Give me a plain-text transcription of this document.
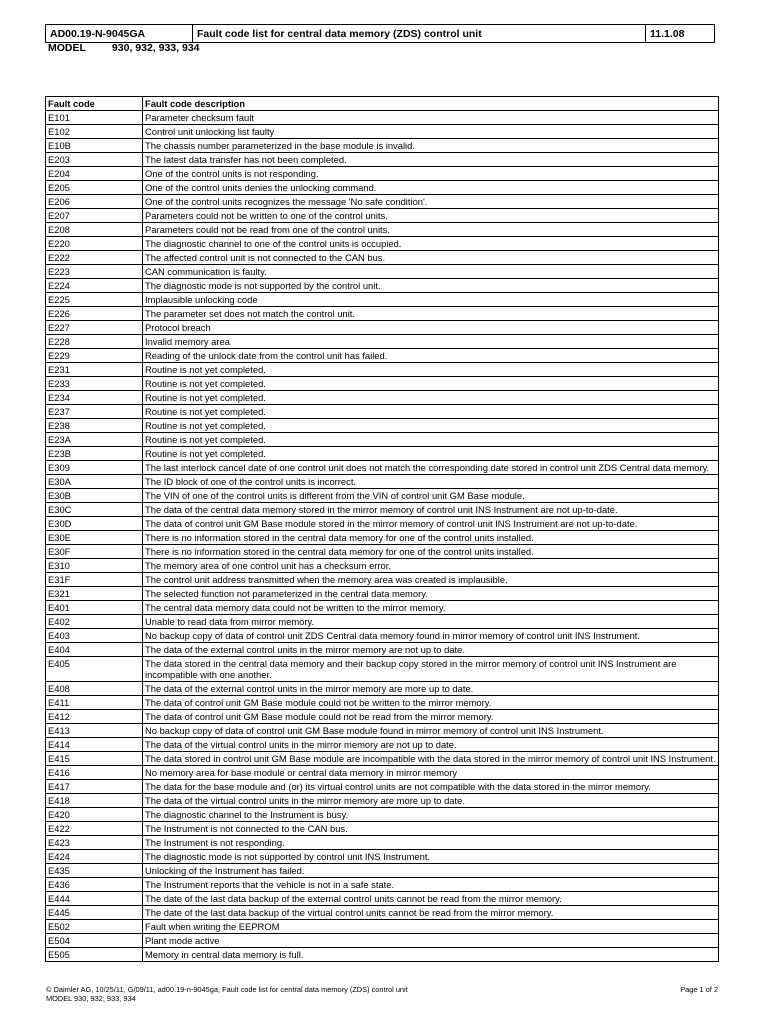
AD00.19-N-9045GA	Fault code list for central data memory (ZDS) control unit	11.1.08
MODEL 930, 932, 933, 934
Fault code	Fault code description
E101	Parameter checksum fault
E102	Control unit unlocking list faulty
E10B	The chassis number parameterized in the base module is invalid.
E203	The latest data transfer has not been completed.
E204	One of the control units is not responding.
E205	One of the control units denies the unlocking command.
E206	One of the control units recognizes the message 'No safe condition'.
E207	Parameters could not be written to one of the control units.
E208	Parameters could not be read from one of the control units.
E220	The diagnostic channel to one of the control units is occupied.
E222	The affected control unit is not connected to the CAN bus.
E223	CAN communication is faulty.
E224	The diagnostic mode is not supported by the control unit.
E225	Implausible unlocking code
E226	The parameter set does not match the control unit.
E227	Protocol breach
E228	Invalid memory area
E229	Reading of the unlock date from the control unit has failed.
E231	Routine is not yet completed.
E233	Routine is not yet completed.
E234	Routine is not yet completed.
E237	Routine is not yet completed.
E238	Routine is not yet completed.
E23A	Routine is not yet completed.
E23B	Routine is not yet completed.
E309	The last interlock cancel date of one control unit does not match the corresponding date stored in control unit ZDS Central data memory.
E30A	The ID block of one of the control units is incorrect.
E30B	The VIN of one of the control units is different from the VIN of control unit GM Base module.
E30C	The data of the central data memory stored in the mirror memory of control unit INS Instrument are not up-to-date.
E30D	The data of control unit GM Base module stored in the mirror memory of control unit INS Instrument are not up-to-date.
E30E	There is no information stored in the central data memory for one of the control units installed.
E30F	There is no information stored in the central data memory for one of the control units installed.
E310	The memory area of one control unit has a checksum error.
E31F	The control unit address transmitted when the memory area was created is implausible.
E321	The selected function not parameterized in the central data memory.
E401	The central data memory data could not be written to the mirror memory.
E402	Unable to read data from mirror memory.
E403	No backup copy of data of control unit ZDS Central data memory found in mirror memory of control unit INS Instrument.
E404	The data of the external control units in the mirror memory are not up to date.
E405	The data stored in the central data memory and their backup copy stored in the mirror memory of control unit INS Instrument are incompatible with one another.
E408	The data of the external control units in the mirror memory are more up to date.
E411	The data of control unit GM Base module could not be written to the mirror memory.
E412	The data of control unit GM Base module could not be read from the mirror memory.
E413	No backup copy of data of control unit GM Base module found in mirror memory of control unit INS Instrument.
E414	The data of the virtual control units in the mirror memory are not up to date.
E415	The data stored in control unit GM Base module are incompatible with the data stored in the mirror memory of control unit INS Instrument.
E416	No memory area for base module or central data memory in mirror memory
E417	The data for the base module and (or) its virtual control units are not compatible with the data stored in the mirror memory.
E418	The data of the virtual control units in the mirror memory are more up to date.
E420	The diagnostic channel to the Instrument is busy.
E422	The Instrument is not connected to the CAN bus.
E423	The Instrument is not responding.
E424	The diagnostic mode is not supported by control unit INS Instrument.
E435	Unlocking of the Instrument has failed.
E436	The Instrument reports that the vehicle is not in a safe state.
E444	The date of the last data backup of the external control units cannot be read from the mirror memory.
E445	The date of the last data backup of the virtual control units cannot be read from the mirror memory.
E502	Fault when writing the EEPROM
E504	Plant mode active
E505	Memory in central data memory is full.
© Daimler AG, 10/25/11, G/09/11, ad00.19-n-9045ga, Fault code list for central data memory (ZDS) control unit
MODEL 930, 932, 933, 934
Page 1 of 2
